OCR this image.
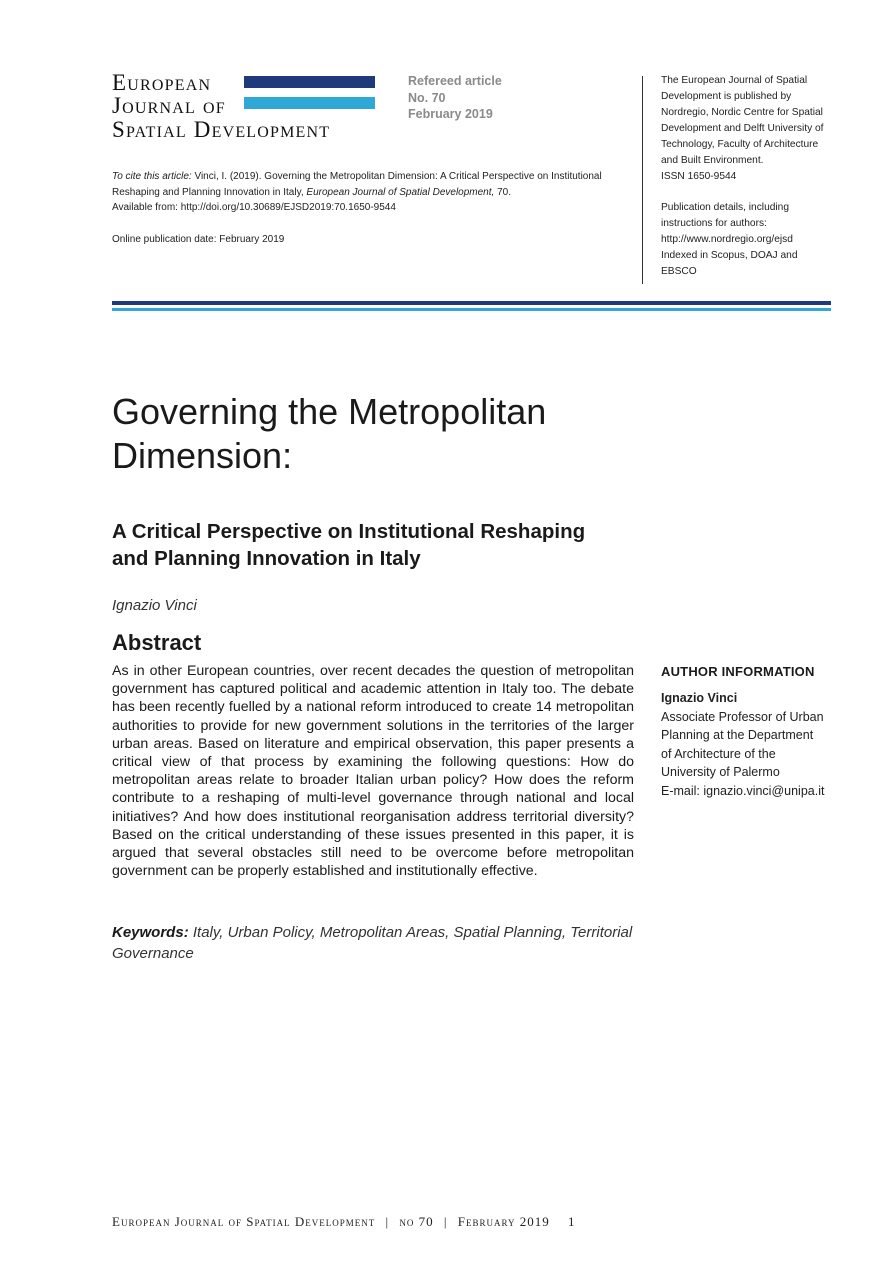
European
Journal of
Spatial Development
Refereed article
No. 70
February 2019
To cite this article: Vinci, I. (2019). Governing the Metropolitan Dimension: A Critical Perspective on Institutional Reshaping and Planning Innovation in Italy, European Journal of Spatial Development, 70.
Available from: http://doi.org/10.30689/EJSD2019:70.1650-9544
Online publication date: February 2019
The European Journal of Spatial
Development is published by
Nordregio, Nordic Centre for Spatial
Development and Delft University of
Technology, Faculty of Architecture
and Built Environment.
ISSN 1650-9544
Publication details, including
instructions for authors:
http://www.nordregio.org/ejsd
Indexed in Scopus, DOAJ and
EBSCO
Governing the Metropolitan
Dimension:
A Critical Perspective on Institutional Reshaping
and Planning Innovation in Italy
Ignazio Vinci
Abstract
As in other European countries, over recent decades the question of metropolitan government has captured political and academic attention in Italy too. The debate has been recently fuelled by a national reform introduced to create 14 metropolitan authorities to provide for new government solutions in the territories of the larger urban areas. Based on literature and empirical observation, this paper presents a critical view of that process by examining the following questions: How do metropolitan areas relate to broader Italian urban policy? How does the reform contribute to a reshaping of multi-level governance through national and local initiatives? And how does institutional reorganisation address territorial diversity? Based on the critical understanding of these issues presented in this paper, it is argued that several obstacles still need to be overcome before metropolitan government can be properly established and institutionally effective.
Keywords: Italy, Urban Policy, Metropolitan Areas, Spatial Planning, Territorial Governance
AUTHOR INFORMATION
Ignazio Vinci
Associate Professor of Urban
Planning at the Department
of Architecture of the
University of Palermo
E-mail: ignazio.vinci@unipa.it
European Journal of Spatial Development | no 70 | February 2019 1
